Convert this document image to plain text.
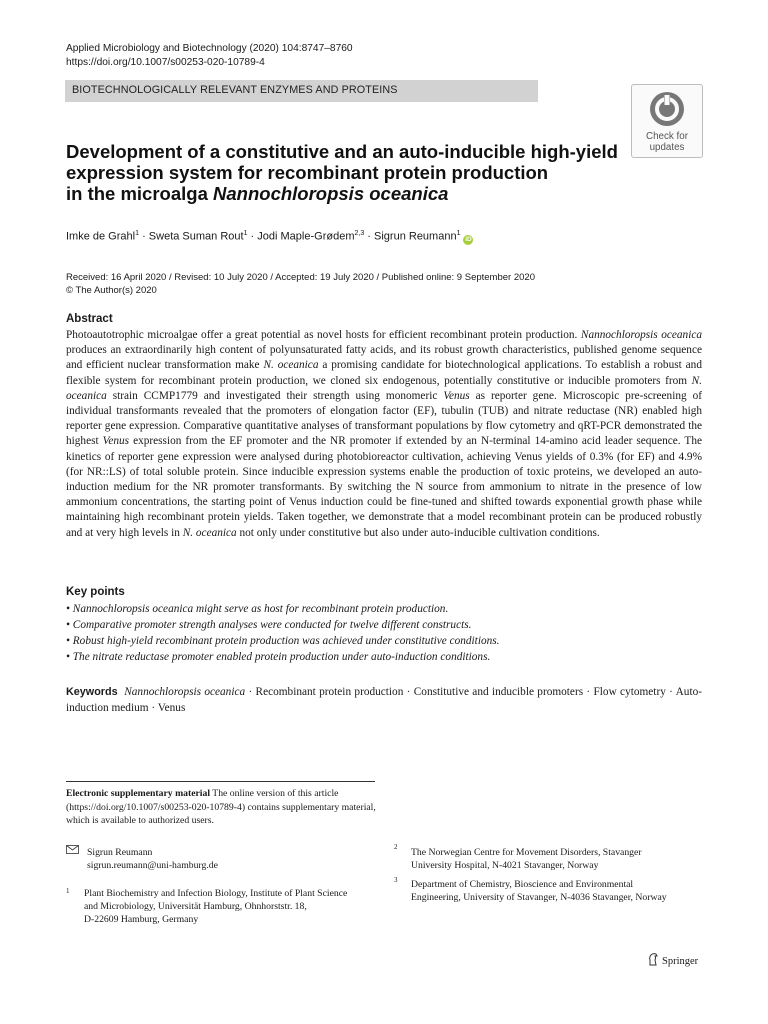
Applied Microbiology and Biotechnology (2020) 104:8747–8760
https://doi.org/10.1007/s00253-020-10789-4
BIOTECHNOLOGICALLY RELEVANT ENZYMES AND PROTEINS
Check for
updates
Development of a constitutive and an auto-inducible high-yield
expression system for recombinant protein production
in the microalga Nannochloropsis oceanica
Imke de Grahl$^1$ · Sweta Suman Rout$^1$ · Jodi Maple-Grødem$^{2,3}$ · Sigrun Reumann$^1$iD
Received: 16 April 2020 / Revised: 10 July 2020 / Accepted: 19 July 2020 / Published online: 9 September 2020
© The Author(s) 2020
Abstract
Photoautotrophic microalgae offer a great potential as novel hosts for efficient recombinant protein production. Nannochloropsis oceanica produces an extraordinarily high content of polyunsaturated fatty acids, and its robust growth characteristics, published genome sequence and efficient nuclear transformation make N. oceanica a promising candidate for biotechnological applications. To establish a robust and flexible system for recombinant protein production, we cloned six endogenous, potentially constitutive or inducible promoters from N. oceanica strain CCMP1779 and investigated their strength using monomeric Venus as reporter gene. Microscopic pre-screening of individual transformants revealed that the promoters of elongation factor (EF), tubulin (TUB) and nitrate reductase (NR) enabled high reporter gene expression. Comparative quantitative analyses of transformant populations by flow cytometry and qRT-PCR demonstrated the highest Venus expression from the EF promoter and the NR promoter if extended by an N-terminal 14-amino acid leader sequence. The kinetics of reporter gene expression were analysed during photobioreactor cultivation, achieving Venus yields of 0.3% (for EF) and 4.9% (for NR::LS) of total soluble protein. Since inducible expression systems enable the production of toxic proteins, we developed an auto-induction medium for the NR promoter transformants. By switching the N source from ammonium to nitrate in the presence of low ammonium concentrations, the starting point of Venus induction could be fine-tuned and shifted towards exponential growth phase while maintaining high recombinant protein yields. Taken together, we demonstrate that a model recombinant protein can be produced robustly and at very high levels in N. oceanica not only under constitutive but also under auto-inducible cultivation conditions.
Key points
• Nannochloropsis oceanica might serve as host for recombinant protein production.
• Comparative promoter strength analyses were conducted for twelve different constructs.
• Robust high-yield recombinant protein production was achieved under constitutive conditions.
• The nitrate reductase promoter enabled protein production under auto-induction conditions.
Keywords Nannochloropsis oceanica · Recombinant protein production · Constitutive and inducible promoters · Flow cytometry · Auto-induction medium · Venus
Electronic supplementary material The online version of this article (https://doi.org/10.1007/s00253-020-10789-4) contains supplementary material, which is available to authorized users.
Sigrun Reumann
sigrun.reumann@uni-hamburg.de
1 Plant Biochemistry and Infection Biology, Institute of Plant Science
and Microbiology, Universität Hamburg, Ohnhorststr. 18,
D-22609 Hamburg, Germany
2 The Norwegian Centre for Movement Disorders, Stavanger
University Hospital, N-4021 Stavanger, Norway
3 Department of Chemistry, Bioscience and Environmental
Engineering, University of Stavanger, N-4036 Stavanger, Norway
Springer
